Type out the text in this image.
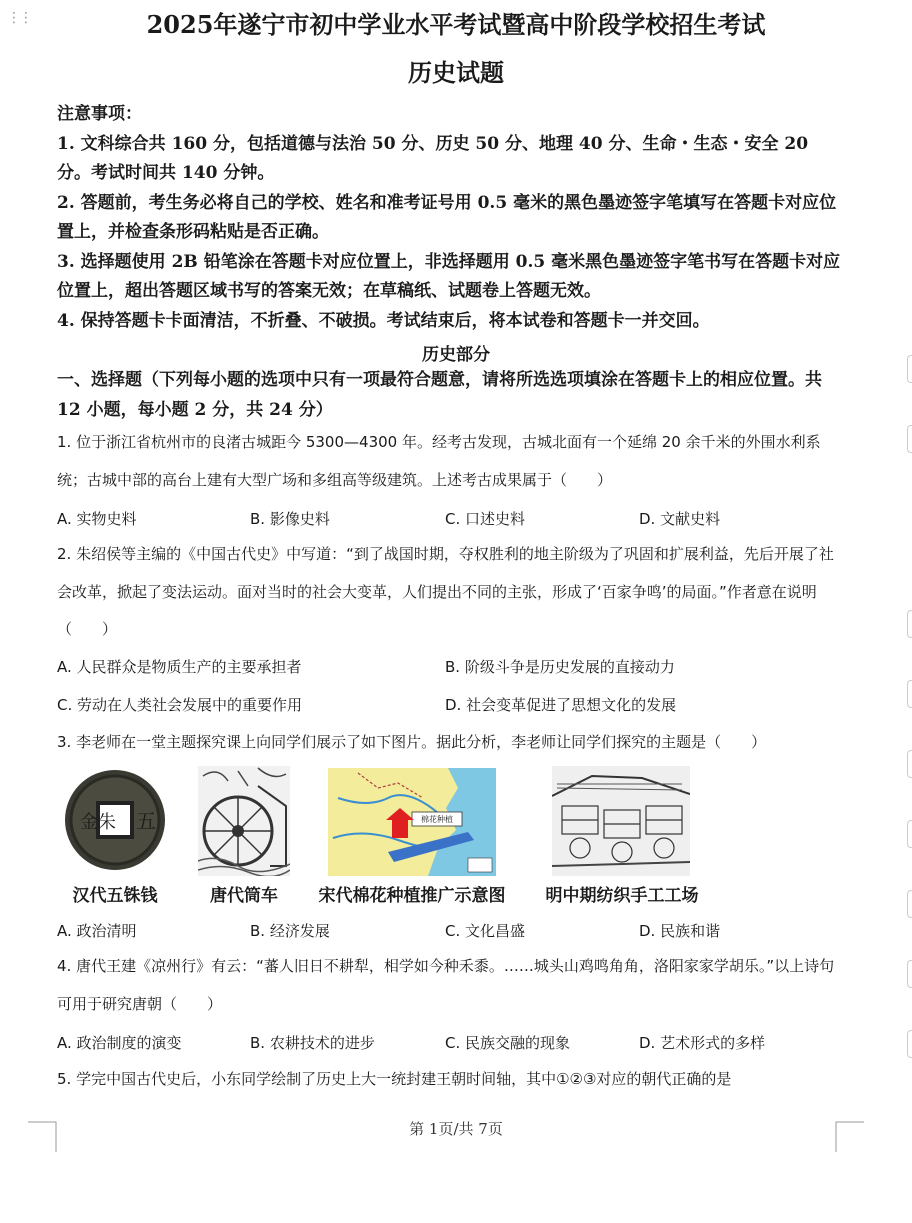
⋮⋮	2025年遂宁市初中学业水平考试暨高中阶段学校招生考试
历史试题

注意事项：

1. 文科综合共 160 分，包括道德与法治 50 分、历史 50 分、地理 40 分、生命・生态・安全 20 分。考试时间共 140 分钟。

2. 答题前，考生务必将自己的学校、姓名和准考证号用 0.5 毫米的黑色墨迹签字笔填写在答题卡对应位置上，并检查条形码粘贴是否正确。

3. 选择题使用 2B 铅笔涂在答题卡对应位置上，非选择题用 0.5 毫米黑色墨迹签字笔书写在答题卡对应位置上，超出答题区域书写的答案无效；在草稿纸、试题卷上答题无效。

4. 保持答题卡卡面清洁，不折叠、不破损。考试结束后，将本试卷和答题卡一并交回。

历史部分
一、选择题（下列每小题的选项中只有一项最符合题意，请将所选选项填涂在答题卡上的相应位置。共 12 小题，每小题 2 分，共 24 分）

1. 位于浙江省杭州市的良渚古城距今 5300—4300 年。经考古发现，古城北面有一个延绵 20 余千米的外围水利系统；古城中部的高台上建有大型广场和多组高等级建筑。上述考古成果属于（　　）

A. 实物史料	B. 影像史料	C. 口述史料	D. 文献史料

2. 朱绍侯等主编的《中国古代史》中写道：“到了战国时期，夺权胜利的地主阶级为了巩固和扩展利益，先后开展了社会改革，掀起了变法运动。面对当时的社会大变革，人们提出不同的主张，形成了‘百家争鸣’的局面。”作者意在说明（　　）

A. 人民群众是物质生产的主要承担者	B. 阶级斗争是历史发展的直接动力
C. 劳动在人类社会发展中的重要作用	D. 社会变革促进了思想文化的发展

3. 李老师在一堂主题探究课上向同学们展示了如下图片。据此分析，李老师让同学们探究的主题是（　　）

金朱 五	棉花种植
汉代五铢钱	唐代筒车	宋代棉花种植推广示意图	明中期纺织手工工场
A. 政治清明	B. 经济发展	C. 文化昌盛	D. 民族和谐

4. 唐代王建《凉州行》有云：“蕃人旧日不耕犁，相学如今种禾黍。……城头山鸡鸣角角，洛阳家家学胡乐。”以上诗句可用于研究唐朝（　　）

A. 政治制度的演变	B. 农耕技术的进步	C. 民族交融的现象	D. 艺术形式的多样

5. 学完中国古代史后，小东同学绘制了历史上大一统封建王朝时间轴，其中①②③对应的朝代正确的是

第 1页/共 7页
